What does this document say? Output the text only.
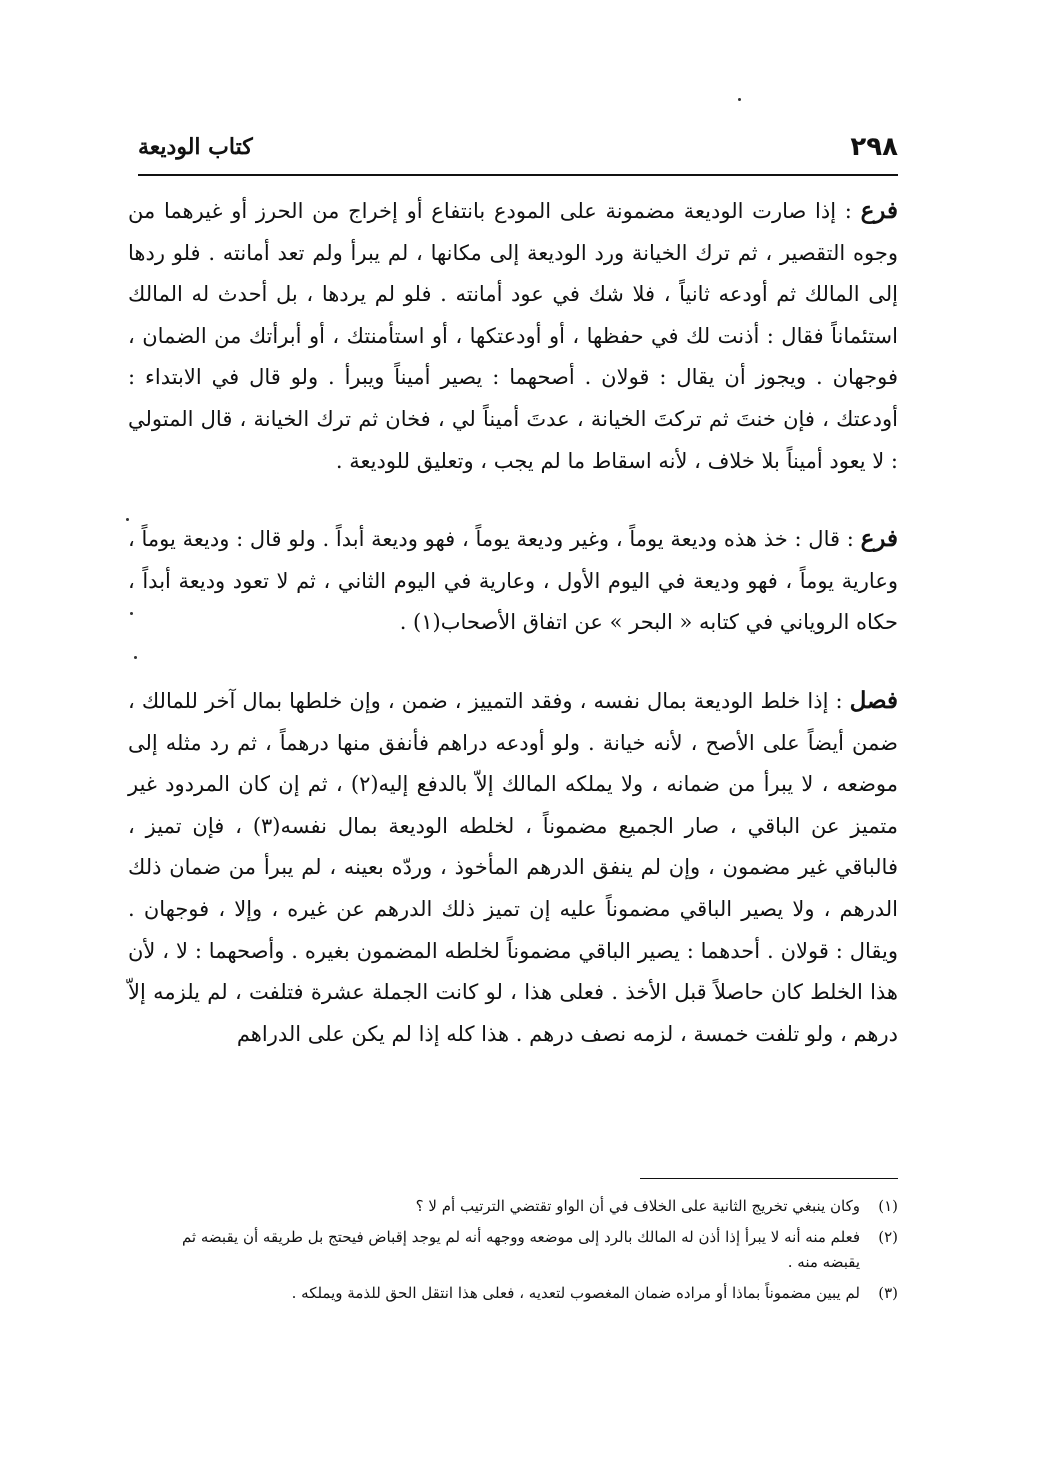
٢٩٨
كتاب الوديعة

فرع : إذا صارت الوديعة مضمونة على المودع بانتفاع أو إخراج من الحرز أو غيرهما من وجوه التقصير ، ثم ترك الخيانة ورد الوديعة إلى مكانها ، لم يبرأ ولم تعد أمانته . فلو ردها إلى المالك ثم أودعه ثانياً ، فلا شك في عود أمانته . فلو لم يردها ، بل أحدث له المالك استئماناً فقال : أذنت لك في حفظها ، أو أودعتكها ، أو استأمنتك ، أو أبرأتك من الضمان ، فوجهان . ويجوز أن يقال : قولان . أصحهما : يصير أميناً ويبرأ . ولو قال في الابتداء : أودعتك ، فإن خنتَ ثم تركتَ الخيانة ، عدتَ أميناً لي ، فخان ثم ترك الخيانة ، قال المتولي : لا يعود أميناً بلا خلاف ، لأنه اسقاط ما لم يجب ، وتعليق للوديعة .

فرع : قال : خذ هذه وديعة يوماً ، وغير وديعة يوماً ، فهو وديعة أبداً . ولو قال : وديعة يوماً ، وعارية يوماً ، فهو وديعة في اليوم الأول ، وعارية في اليوم الثاني ، ثم لا تعود وديعة أبداً ، حكاه الروياني في كتابه « البحر » عن اتفاق الأصحاب(١) .

فصل : إذا خلط الوديعة بمال نفسه ، وفقد التمييز ، ضمن ، وإن خلطها بمال آخر للمالك ، ضمن أيضاً على الأصح ، لأنه خيانة . ولو أودعه دراهم فأنفق منها درهماً ، ثم رد مثله إلى موضعه ، لا يبرأ من ضمانه ، ولا يملكه المالك إلاّ بالدفع إليه(٢) ، ثم إن كان المردود غير متميز عن الباقي ، صار الجميع مضموناً ، لخلطه الوديعة بمال نفسه(٣) ، فإن تميز ، فالباقي غير مضمون ، وإن لم ينفق الدرهم المأخوذ ، وردّه بعينه ، لم يبرأ من ضمان ذلك الدرهم ، ولا يصير الباقي مضموناً عليه إن تميز ذلك الدرهم عن غيره ، وإلا ، فوجهان . ويقال : قولان . أحدهما : يصير الباقي مضموناً لخلطه المضمون بغيره . وأصحهما : لا ، لأن هذا الخلط كان حاصلاً قبل الأخذ . فعلى هذا ، لو كانت الجملة عشرة فتلفت ، لم يلزمه إلاّ درهم ، ولو تلفت خمسة ، لزمه نصف درهم . هذا كله إذا لم يكن على الدراهم

(١)
وكان ينبغي تخريج الثانية على الخلاف في أن الواو تقتضي الترتيب أم لا ؟

(٢)
فعلم منه أنه لا يبرأ إذا أذن له المالك بالرد إلى موضعه ووجهه أنه لم يوجد إقباض فيحتج بل طريقه أن يقبضه ثم يقبضه منه .

(٣)
لم يبين مضموناً بماذا أو مراده ضمان المغصوب لتعديه ، فعلى هذا انتقل الحق للذمة ويملكه .
